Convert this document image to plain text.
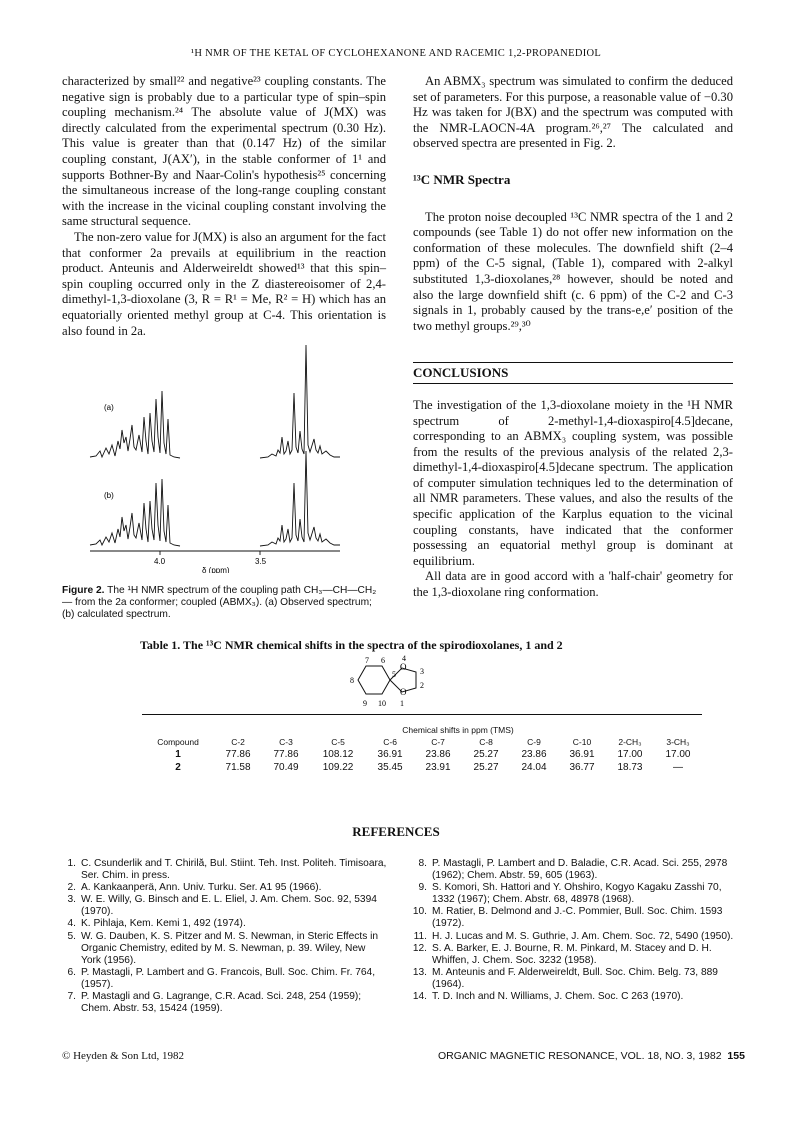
¹H NMR OF THE KETAL OF CYCLOHEXANONE AND RACEMIC 1,2-PROPANEDIOL

characterized by small²² and negative²³ coupling constants. The negative sign is probably due to a particular type of spin–spin coupling mechanism.²⁴ The absolute value of J(MX) was directly calculated from the experimental spectrum (0.30 Hz). This value is greater than that (0.147 Hz) of the similar coupling constant, J(AX′), in the stable conformer of 1¹ and supports Bothner-By and Naar-Colin's hypothesis²⁵ concerning the simultaneous increase of the long-range coupling constant with the increase in the vicinal coupling constant involving the same structural sequence.

The non-zero value for J(MX) is also an argument for the fact that conformer 2a prevails at equilibrium in the reaction product. Anteunis and Alderweireldt showed¹³ that this spin–spin coupling occurred only in the Z diastereoisomer of 2,4-dimethyl-1,3-dioxolane (3, R = R¹ = Me, R² = H) which has an equatorially oriented methyl group at C-4. This orientation is also found in 2a.

(a)
(b)
4.0	3.5
δ (ppm)
Figure 2. The ¹H NMR spectrum of the coupling path CH₃—CH—CH₂— from the 2a conformer; coupled (ABMX₃). (a) Observed spectrum; (b) calculated spectrum.

An ABMX₃ spectrum was simulated to confirm the deduced set of parameters. For this purpose, a reasonable value of −0.30 Hz was taken for J(BX) and the spectrum was computed with the NMR-LAOCN-4A program.²⁶,²⁷ The calculated and observed spectra are presented in Fig. 2.

¹³C NMR Spectra

The proton noise decoupled ¹³C NMR spectra of the 1 and 2 compounds (see Table 1) do not offer new information on the conformation of these molecules. The downfield shift (2–4 ppm) of the C-5 signal, (Table 1), compared with 2-alkyl substituted 1,3-dioxolanes,²⁸ however, should be noted and also the large downfield shift (c. 6 ppm) of the C-2 and C-3 signals in 1, probably caused by the trans-e,e′ position of the two methyl groups.²⁹,³⁰

CONCLUSIONS

The investigation of the 1,3-dioxolane moiety in the ¹H NMR spectrum of 2-methyl-1,4-dioxaspiro[4.5]decane, corresponding to an ABMX₃ coupling system, was possible from the results of the previous analysis of the related 2,3-dimethyl-1,4-dioxaspiro[4.5]decane spectrum. The application of computer simulation techniques led to the determination of all NMR parameters. These values, and also the results of the specific application of the Karplus equation to the vicinal coupling constants, have indicated that the conformer possessing an equatorial methyl group is dominant at equilibrium.

All data are in good accord with a 'half-chair' geometry for the 1,3-dioxolane ring conformation.

Table 1. The ¹³C NMR chemical shifts in the spectra of the spirodioxolanes, 1 and 2
7 6 4
3
8
5
O
O
2
9 10 1
	Chemical shifts in ppm (TMS)									
Compound	C-2	C-3	C-5	C-6	C-7	C-8	C-9	C-10	2-CH₃	3-CH₃
1	77.86	77.86	108.12	36.91	23.86	25.27	23.86	36.91	17.00	17.00
2	71.58	70.49	109.22	35.45	23.91	25.27	24.04	36.77	18.73	—
REFERENCES
1. C. Csunderlik and T. Chirilă, Bul. Stiint. Teh. Inst. Politeh. Timisoara, Ser. Chim. in press.
2. A. Kankaanperä, Ann. Univ. Turku. Ser. A1 95 (1966).
3. W. E. Willy, G. Binsch and E. L. Eliel, J. Am. Chem. Soc. 92, 5394 (1970).
4. K. Pihlaja, Kem. Kemi 1, 492 (1974).
5. W. G. Dauben, K. S. Pitzer and M. S. Newman, in Steric Effects in Organic Chemistry, edited by M. S. Newman, p. 39. Wiley, New York (1956).
6. P. Mastagli, P. Lambert and G. Francois, Bull. Soc. Chim. Fr. 764, (1957).
7. P. Mastagli and G. Lagrange, C.R. Acad. Sci. 248, 254 (1959); Chem. Abstr. 53, 15424 (1959).
8. P. Mastagli, P. Lambert and D. Baladie, C.R. Acad. Sci. 255, 2978 (1962); Chem. Abstr. 59, 605 (1963).
9. S. Komori, Sh. Hattori and Y. Ohshiro, Kogyo Kagaku Zasshi 70, 1332 (1967); Chem. Abstr. 68, 48978 (1968).
10. M. Ratier, B. Delmond and J.-C. Pommier, Bull. Soc. Chim. 1593 (1972).
11. H. J. Lucas and M. S. Guthrie, J. Am. Chem. Soc. 72, 5490 (1950).
12. S. A. Barker, E. J. Bourne, R. M. Pinkard, M. Stacey and D. H. Whiffen, J. Chem. Soc. 3232 (1958).
13. M. Anteunis and F. Alderweireldt, Bull. Soc. Chim. Belg. 73, 889 (1964).
14. T. D. Inch and N. Williams, J. Chem. Soc. C 263 (1970).
© Heyden & Son Ltd, 1982	ORGANIC MAGNETIC RESONANCE, VOL. 18, NO. 3, 1982 155
